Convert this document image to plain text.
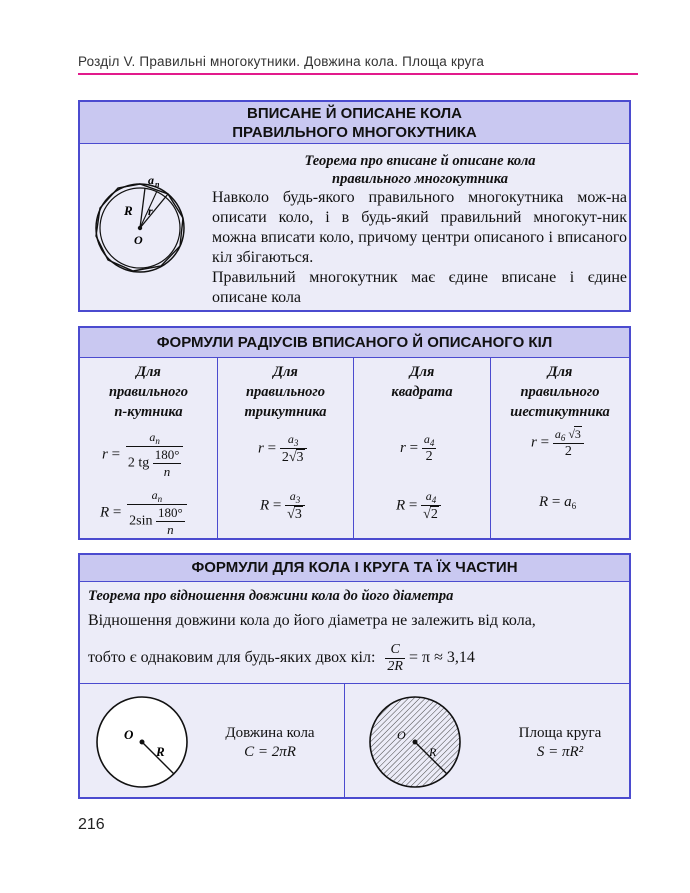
Розділ V. Правильні многокутники. Довжина кола. Площа круга
ВПИСАНЕ Й ОПИСАНЕ КОЛА
ПРАВИЛЬНОГО МНОГОКУТНИКА
a n
R r
O
Теорема про вписане й описане кола
правильного многокутника

Навколо будь-якого правильного многокутника мож-на описати коло, і в будь-який правильний многокут-ник можна вписати коло, причому центри описаного і вписаного кіл збігаються.

Правильний многокутник має єдине вписане і єдине описане кола

ФОРМУЛИ РАДІУСІВ ВПИСАНОГО Й ОПИСАНОГО КІЛ
Для
правильного
n-кутника
$r = \frac{a_n}{2 tg \frac{180^\circ}{n}}$
$R = \frac{a_n}{2\sin \frac{180^\circ}{n}}$
Для
правильного
трикутника
$r = \frac{a_3}{2√3}$
$R = \frac{a_3}{√3}$
Для
квадрата
$r = \frac{a_4}{2}$
$R = \frac{a_4}{√2}$
Для
правильного
шестикутника
$r = \frac{a_6 √3}{2}$
$R = a_6$
ФОРМУЛИ ДЛЯ КОЛА І КРУГА ТА ЇХ ЧАСТИН
Теорема про відношення довжини кола до його діаметра
Відношення довжини кола до його діаметра не залежить від кола,
тобто є однаковим для будь-яких двох кіл: $\frac{C}{2R} = \pi \approx 3,14$
O
R
Довжина кола
C = 2πR
O
R
Площа круга
S = πR²
216
